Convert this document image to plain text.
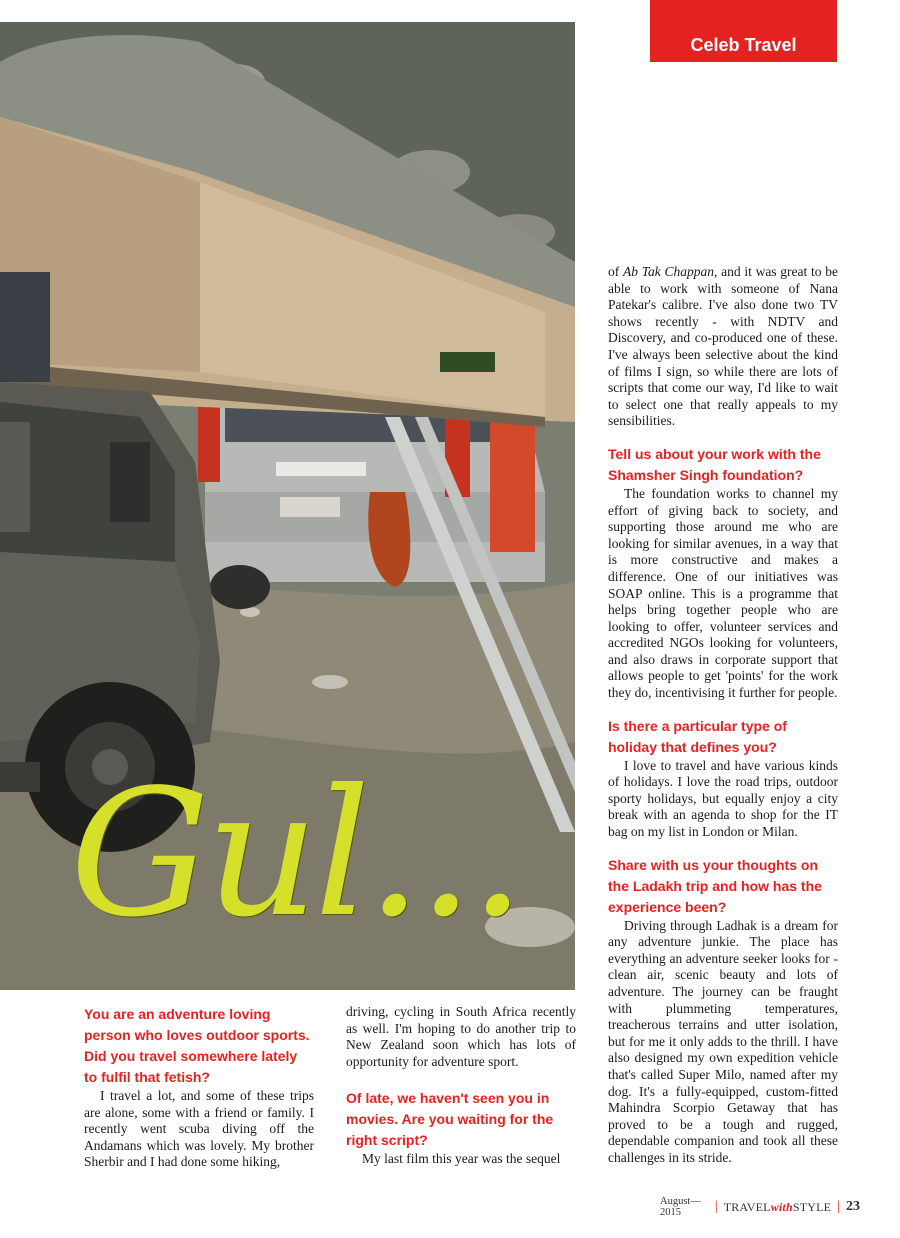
Celeb Travel
Gul...
You are an adventure loving person who loves outdoor sports. Did you travel somewhere lately to fulfil that fetish?

I travel a lot, and some of these trips are alone, some with a friend or family. I recently went scuba diving off the Andamans which was lovely. My brother Sherbir and I had done some hiking,

driving, cycling in South Africa recently as well. I'm hoping to do another trip to New Zealand soon which has lots of opportunity for adventure sport.

Of late, we haven't seen you in movies. Are you waiting for the right script?

My last film this year was the sequel

of Ab Tak Chappan, and it was great to be able to work with someone of Nana Patekar's calibre. I've also done two TV shows recently - with NDTV and Discovery, and co-produced one of these. I've always been selective about the kind of films I sign, so while there are lots of scripts that come our way, I'd like to wait to select one that really appeals to my sensibilities.

Tell us about your work with the Shamsher Singh foundation?

The foundation works to channel my effort of giving back to society, and supporting those around me who are looking for similar avenues, in a way that is more constructive and makes a difference. One of our initiatives was SOAP online. This is a programme that helps bring together people who are looking to offer, volunteer services and accredited NGOs looking for volunteers, and also draws in corporate support that allows people to get 'points' for the work they do, incentivising it further for people.

Is there a particular type of holiday that defines you?

I love to travel and have various kinds of holidays. I love the road trips, outdoor sporty holidays, but equally enjoy a city break with an agenda to shop for the IT bag on my list in London or Milan.

Share with us your thoughts on the Ladakh trip and how has the experience been?

Driving through Ladhak is a dream for any adventure junkie. The place has everything an adventure seeker looks for - clean air, scenic beauty and lots of adventure. The journey can be fraught with plummeting temperatures, treacherous terrains and utter isolation, but for me it only adds to the thrill. I have also designed my own expedition vehicle that's called Super Milo, named after my dog. It's a fully-equipped, custom-fitted Mahindra Scorpio Getaway that has proved to be a tough and rugged, dependable companion and took all these challenges in its stride.

August—2015	| TRAVELwithSTYLE | 23
